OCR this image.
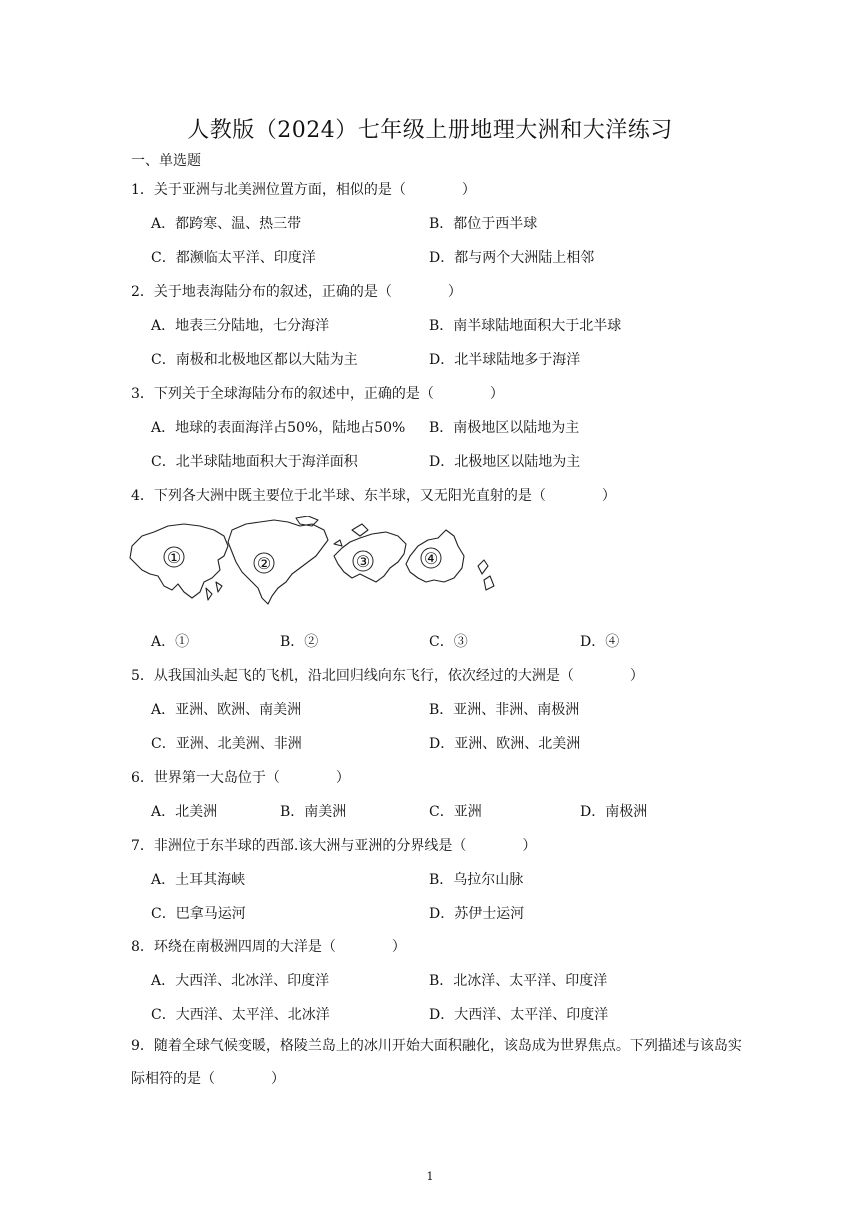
人教版（2024）七年级上册地理大洲和大洋练习
一、单选题
1．关于亚洲与北美洲位置方面，相似的是（　　　　）
A．都跨寒、温、热三带	B．都位于西半球
C．都濒临太平洋、印度洋	D．都与两个大洲陆上相邻
2．关于地表海陆分布的叙述，正确的是（　　　　）
A．地表三分陆地，七分海洋	B．南半球陆地面积大于北半球
C．南极和北极地区都以大陆为主	D．北半球陆地多于海洋
3．下列关于全球海陆分布的叙述中，正确的是（　　　　）
A．地球的表面海洋占50%，陆地占50% B．南极地区以陆地为主
C．北半球陆地面积大于海洋面积	D．北极地区以陆地为主
4．下列各大洲中既主要位于北半球、东半球，又无阳光直射的是（　　　　）
①	②	③	④
A．①	B．②	C．③	D．④
5．从我国汕头起飞的飞机，沿北回归线向东飞行，依次经过的大洲是（　　　　）
A．亚洲、欧洲、南美洲	B．亚洲、非洲、南极洲
C．亚洲、北美洲、非洲	D．亚洲、欧洲、北美洲
6．世界第一大岛位于（　　　　）
A．北美洲	B．南美洲	C．亚洲	D．南极洲
7．非洲位于东半球的西部.该大洲与亚洲的分界线是（　　　　）
A．土耳其海峡	B．乌拉尔山脉
C．巴拿马运河	D．苏伊士运河
8．环绕在南极洲四周的大洋是（　　　　）
A．大西洋、北冰洋、印度洋	B．北冰洋、太平洋、印度洋
C．大西洋、太平洋、北冰洋	D．大西洋、太平洋、印度洋
9．随着全球气候变暖，格陵兰岛上的冰川开始大面积融化，该岛成为世界焦点。下列描述与该岛实际相符的是（　　　　）
1
